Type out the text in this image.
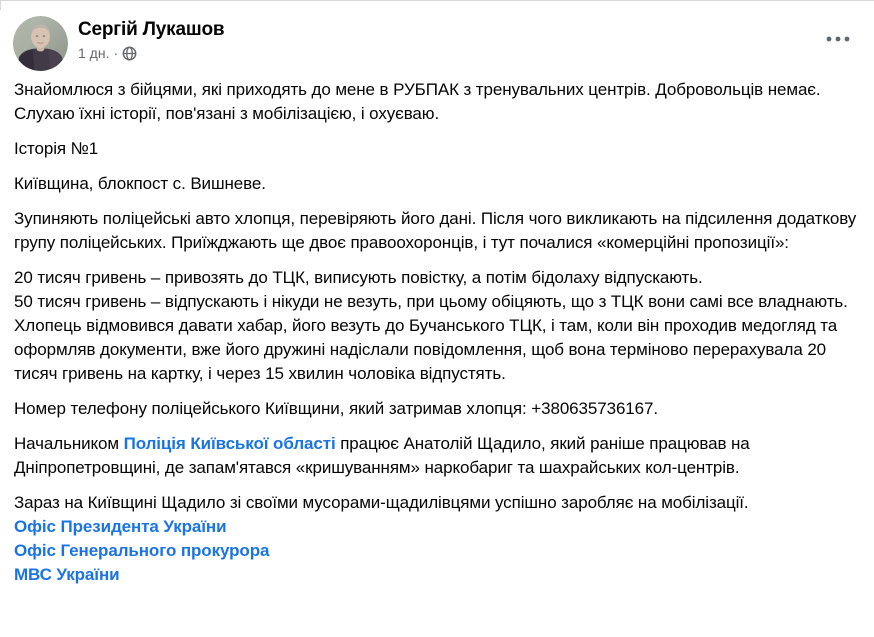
Сергій Лукашов
1 дн. ·
Знайомлюся з бійцями, які приходять до мене в РУБПАК з тренувальних центрів. Добровольців немає. Слухаю їхні історії, пов'язані з мобілізацією, і охуєваю.
Історія №1
Київщина, блокпост с. Вишневе.
Зупиняють поліцейські авто хлопця, перевіряють його дані. Після чого викликають на підсилення додаткову групу поліцейських. Приїжджають ще двоє правоохоронців, і тут почалися «комерційні пропозиції»:
20 тисяч гривень – привозять до ТЦК, виписують повістку, а потім бідолаху відпускають.
50 тисяч гривень – відпускають і нікуди не везуть, при цьому обіцяють, що з ТЦК вони самі все владнають.
Хлопець відмовився давати хабар, його везуть до Бучанського ТЦК, і там, коли він проходив медогляд та оформляв документи, вже його дружині надіслали повідомлення, щоб вона терміново перерахувала 20 тисяч гривень на картку, і через 15 хвилин чоловіка відпустять.
Номер телефону поліцейського Київщини, який затримав хлопця: +380635736167.
Начальником Поліція Київської області працює Анатолій Щадило, який раніше працював на Дніпропетровщині, де запам'ятався «кришуванням» наркобариг та шахрайських кол-центрів.
Зараз на Київщині Щадило зі своїми мусорами-щадилівцями успішно заробляє на мобілізації.
Офіс Президента України
Офіс Генерального прокурора
МВС України
